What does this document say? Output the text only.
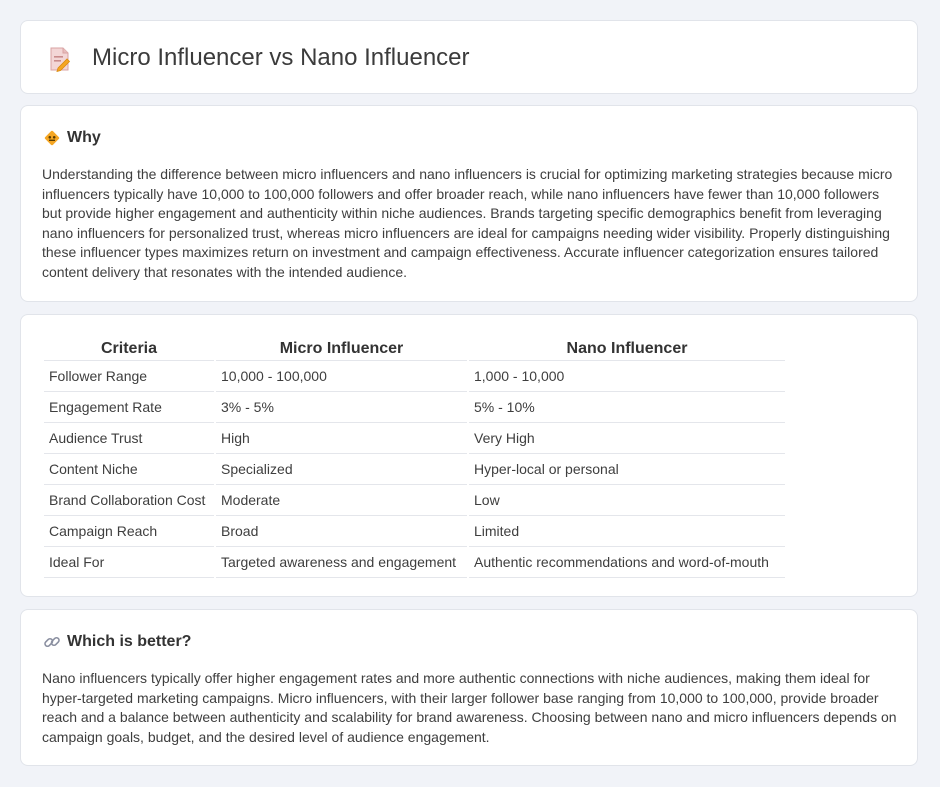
Micro Influencer vs Nano Influencer
Why

Understanding the difference between micro influencers and nano influencers is crucial for optimizing marketing strategies because micro influencers typically have 10,000 to 100,000 followers and offer broader reach, while nano influencers have fewer than 10,000 followers but provide higher engagement and authenticity within niche audiences. Brands targeting specific demographics benefit from leveraging nano influencers for personalized trust, whereas micro influencers are ideal for campaigns needing wider visibility. Properly distinguishing these influencer types maximizes return on investment and campaign effectiveness. Accurate influencer categorization ensures tailored content delivery that resonates with the intended audience.

Criteria	Micro Influencer	Nano Influencer
Follower Range	10,000 - 100,000	1,000 - 10,000
Engagement Rate	3% - 5%	5% - 10%
Audience Trust	High	Very High
Content Niche	Specialized	Hyper-local or personal
Brand Collaboration Cost	Moderate	Low
Campaign Reach	Broad	Limited
Ideal For	Targeted awareness and engagement	Authentic recommendations and word-of-mouth
Which is better?

Nano influencers typically offer higher engagement rates and more authentic connections with niche audiences, making them ideal for hyper-targeted marketing campaigns. Micro influencers, with their larger follower base ranging from 10,000 to 100,000, provide broader reach and a balance between authenticity and scalability for brand awareness. Choosing between nano and micro influencers depends on campaign goals, budget, and the desired level of audience engagement.
